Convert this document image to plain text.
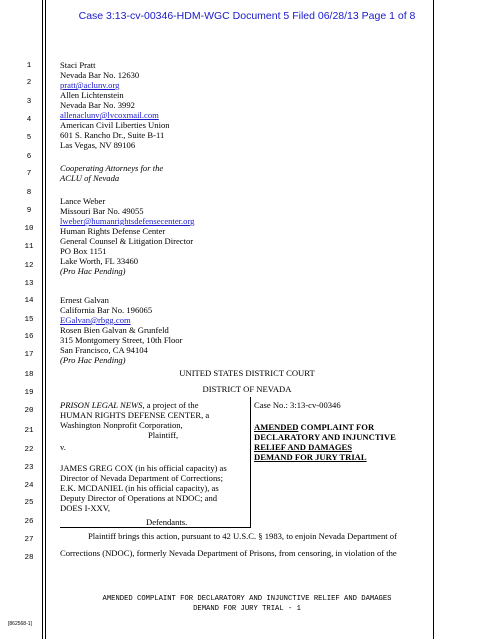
Case 3:13-cv-00346-HDM-WGC Document 5 Filed 06/28/13 Page 1 of 8
1
2
3
4
5
6
7
8
9
10
11
12
13
14
15
16
17
18
19
20
21
22
23
24
25
26
27
28
Staci Pratt
Nevada Bar No. 12630
pratt@aclunv.org
Allen Lichtenstein
Nevada Bar No. 3992
allenaclunv@lvcoxmail.com
American Civil Liberties Union
601 S. Rancho Dr., Suite B-11
Las Vegas, NV 89106
Cooperating Attorneys for the
ACLU of Nevada
Lance Weber
Missouri Bar No. 49055
lweber@humanrightsdefensecenter.org
Human Rights Defense Center
General Counsel & Litigation Director
PO Box 1151
Lake Worth, FL 33460
(Pro Hac Pending)
Ernest Galvan
California Bar No. 196065
EGalvan@rbgg.com
Rosen Bien Galvan & Grunfeld
315 Montgomery Street, 10th Floor
San Francisco, CA 94104
(Pro Hac Pending)
UNITED STATES DISTRICT COURT
DISTRICT OF NEVADA
PRISON LEGAL NEWS, a project of the
HUMAN RIGHTS DEFENSE CENTER, a
Washington Nonprofit Corporation,
Plaintiff,
v.
JAMES GREG COX (in his official capacity) as
Director of Nevada Department of Corrections;
E.K. MCDANIEL (in his official capacity), as
Deputy Director of Operations at NDOC; and
DOES I-XXV,
Defendants.
Case No.: 3:13-cv-00346
AMENDED COMPLAINT FOR
DECLARATORY AND INJUNCTIVE
RELIEF AND DAMAGES
DEMAND FOR JURY TRIAL
Plaintiff brings this action, pursuant to 42 U.S.C. § 1983, to enjoin Nevada Department of
Corrections (NDOC), formerly Nevada Department of Prisons, from censoring, in violation of the
AMENDED COMPLAINT FOR DECLARATORY AND INJUNCTIVE RELIEF AND DAMAGES
DEMAND FOR JURY TRIAL - 1
[862568-1]
